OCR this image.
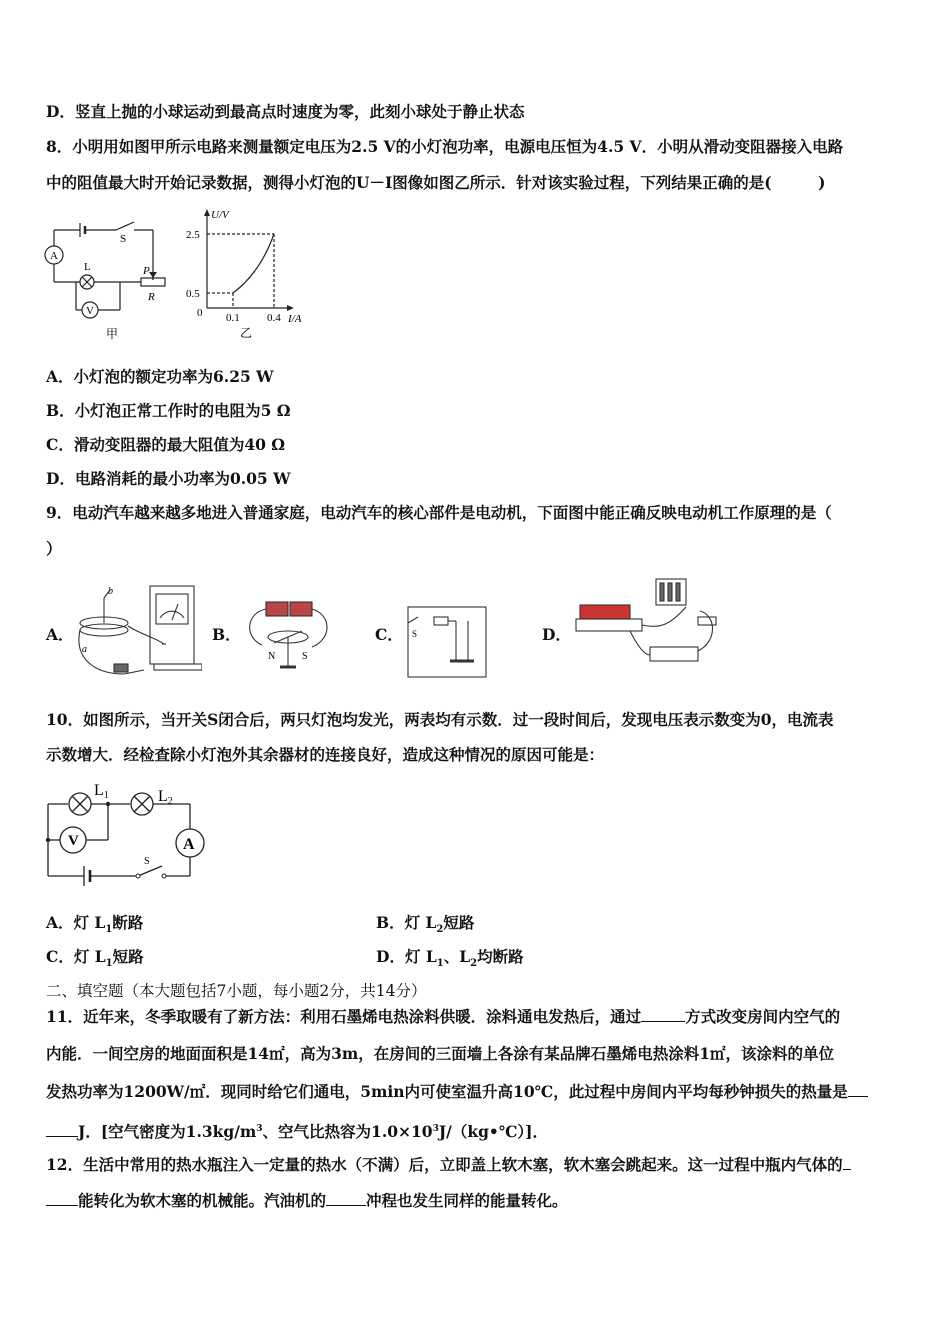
D．竖直上抛的小球运动到最高点时速度为零，此刻小球处于静止状态
8．小明用如图甲所示电路来测量额定电压为2.5 V的小灯泡功率，电源电压恒为4.5 V．小明从滑动变阻器接入电路
中的阻值最大时开始记录数据，测得小灯泡的U－I图像如图乙所示．针对该实验过程，下列结果正确的是(　　　)
A
V
S
L	P
R
甲
U/V
2.5
0.5
0 0.1 0.4 I/A
乙
A．小灯泡的额定功率为6.25 W
B．小灯泡正常工作时的电阻为5 Ω
C．滑动变阻器的最大阻值为40 Ω
D．电路消耗的最小功率为0.05 W
9．电动汽车越来越多地进入普通家庭，电动汽车的核心部件是电动机，下面图中能正确反映电动机工作原理的是（
）
A．
b
a
B．
N	S
C． S	D．
10．如图所示，当开关S闭合后，两只灯泡均发光，两表均有示数．过一段时间后，发现电压表示数变为0，电流表
示数增大．经检查除小灯泡外其余器材的连接良好，造成这种情况的原因可能是：
V	A
L1	L2
S
A．灯 $L_1$断路	B．灯 $L_2$短路
C．灯 $L_1$短路	D．灯 $L_1$、$L_2$均断路
二、填空题（本大题包括7小题，每小题2分，共14分）
11．近年来，冬季取暖有了新方法：利用石墨烯电热涂料供暖．涂料通电发热后，通过	方式改变房间内空气的
内能．一间空房的地面面积是14㎡，高为3m，在房间的三面墙上各涂有某品牌石墨烯电热涂料1㎡，该涂料的单位
发热功率为1200W/㎡．现同时给它们通电，5min内可使室温升高10℃，此过程中房间内平均每秒钟损失的热量是
J．[空气密度为$1.3kg/m^3$、空气比热容为$1.0\times 10^3J/(kg•℃)$]．
12．生活中常用的热水瓶注入一定量的热水（不满）后，立即盖上软木塞，软木塞会跳起来。这一过程中瓶内气体的
能转化为软木塞的机械能。汽油机的	冲程也发生同样的能量转化。
